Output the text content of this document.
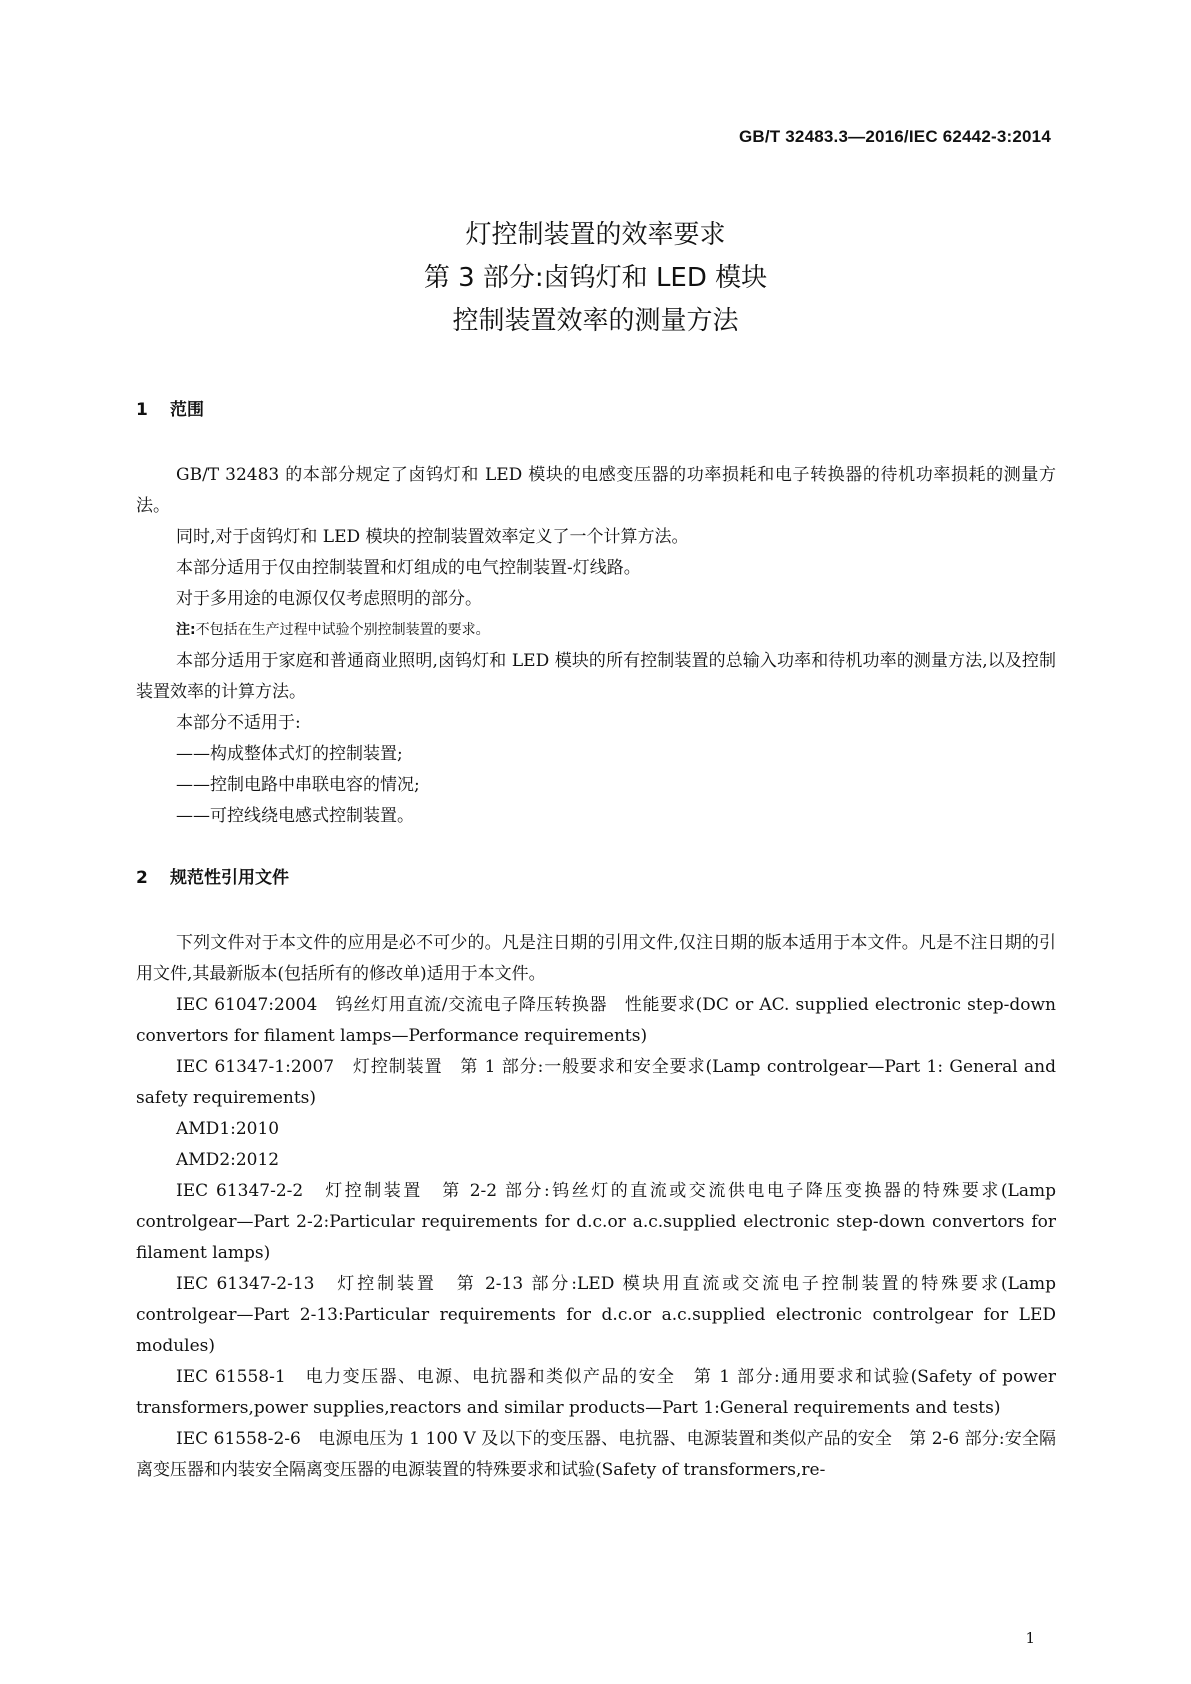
GB/T 32483.3—2016/IEC 62442-3:2014
灯控制装置的效率要求
第 3 部分:卤钨灯和 LED 模块
控制装置效率的测量方法
1 范围
GB/T 32483 的本部分规定了卤钨灯和 LED 模块的电感变压器的功率损耗和电子转换器的待机功率损耗的测量方法。
同时,对于卤钨灯和 LED 模块的控制装置效率定义了一个计算方法。
本部分适用于仅由控制装置和灯组成的电气控制装置-灯线路。
对于多用途的电源仅仅考虑照明的部分。
注:不包括在生产过程中试验个别控制装置的要求。
本部分适用于家庭和普通商业照明,卤钨灯和 LED 模块的所有控制装置的总输入功率和待机功率的测量方法,以及控制装置效率的计算方法。
本部分不适用于:
——构成整体式灯的控制装置;
——控制电路中串联电容的情况;
——可控线绕电感式控制装置。
2 规范性引用文件
下列文件对于本文件的应用是必不可少的。凡是注日期的引用文件,仅注日期的版本适用于本文件。凡是不注日期的引用文件,其最新版本(包括所有的修改单)适用于本文件。
IEC 61047:2004　钨丝灯用直流/交流电子降压转换器　性能要求(DC or AC. supplied electronic step-down convertors for filament lamps—Performance requirements)
IEC 61347-1:2007　灯控制装置　第 1 部分:一般要求和安全要求(Lamp controlgear—Part 1: General and safety requirements)
AMD1:2010
AMD2:2012
IEC 61347-2-2　灯控制装置　第 2-2 部分:钨丝灯的直流或交流供电电子降压变换器的特殊要求(Lamp controlgear—Part 2-2:Particular requirements for d.c.or a.c.supplied electronic step-down convertors for filament lamps)
IEC 61347-2-13　灯控制装置　第 2-13 部分:LED 模块用直流或交流电子控制装置的特殊要求(Lamp controlgear—Part 2-13:Particular requirements for d.c.or a.c.supplied electronic controlgear for LED modules)
IEC 61558-1　电力变压器、电源、电抗器和类似产品的安全　第 1 部分:通用要求和试验(Safety of power transformers,power supplies,reactors and similar products—Part 1:General requirements and tests)
IEC 61558-2-6　电源电压为 1 100 V 及以下的变压器、电抗器、电源装置和类似产品的安全　第 2-6 部分:安全隔离变压器和内装安全隔离变压器的电源装置的特殊要求和试验(Safety of transformers,re-
1
